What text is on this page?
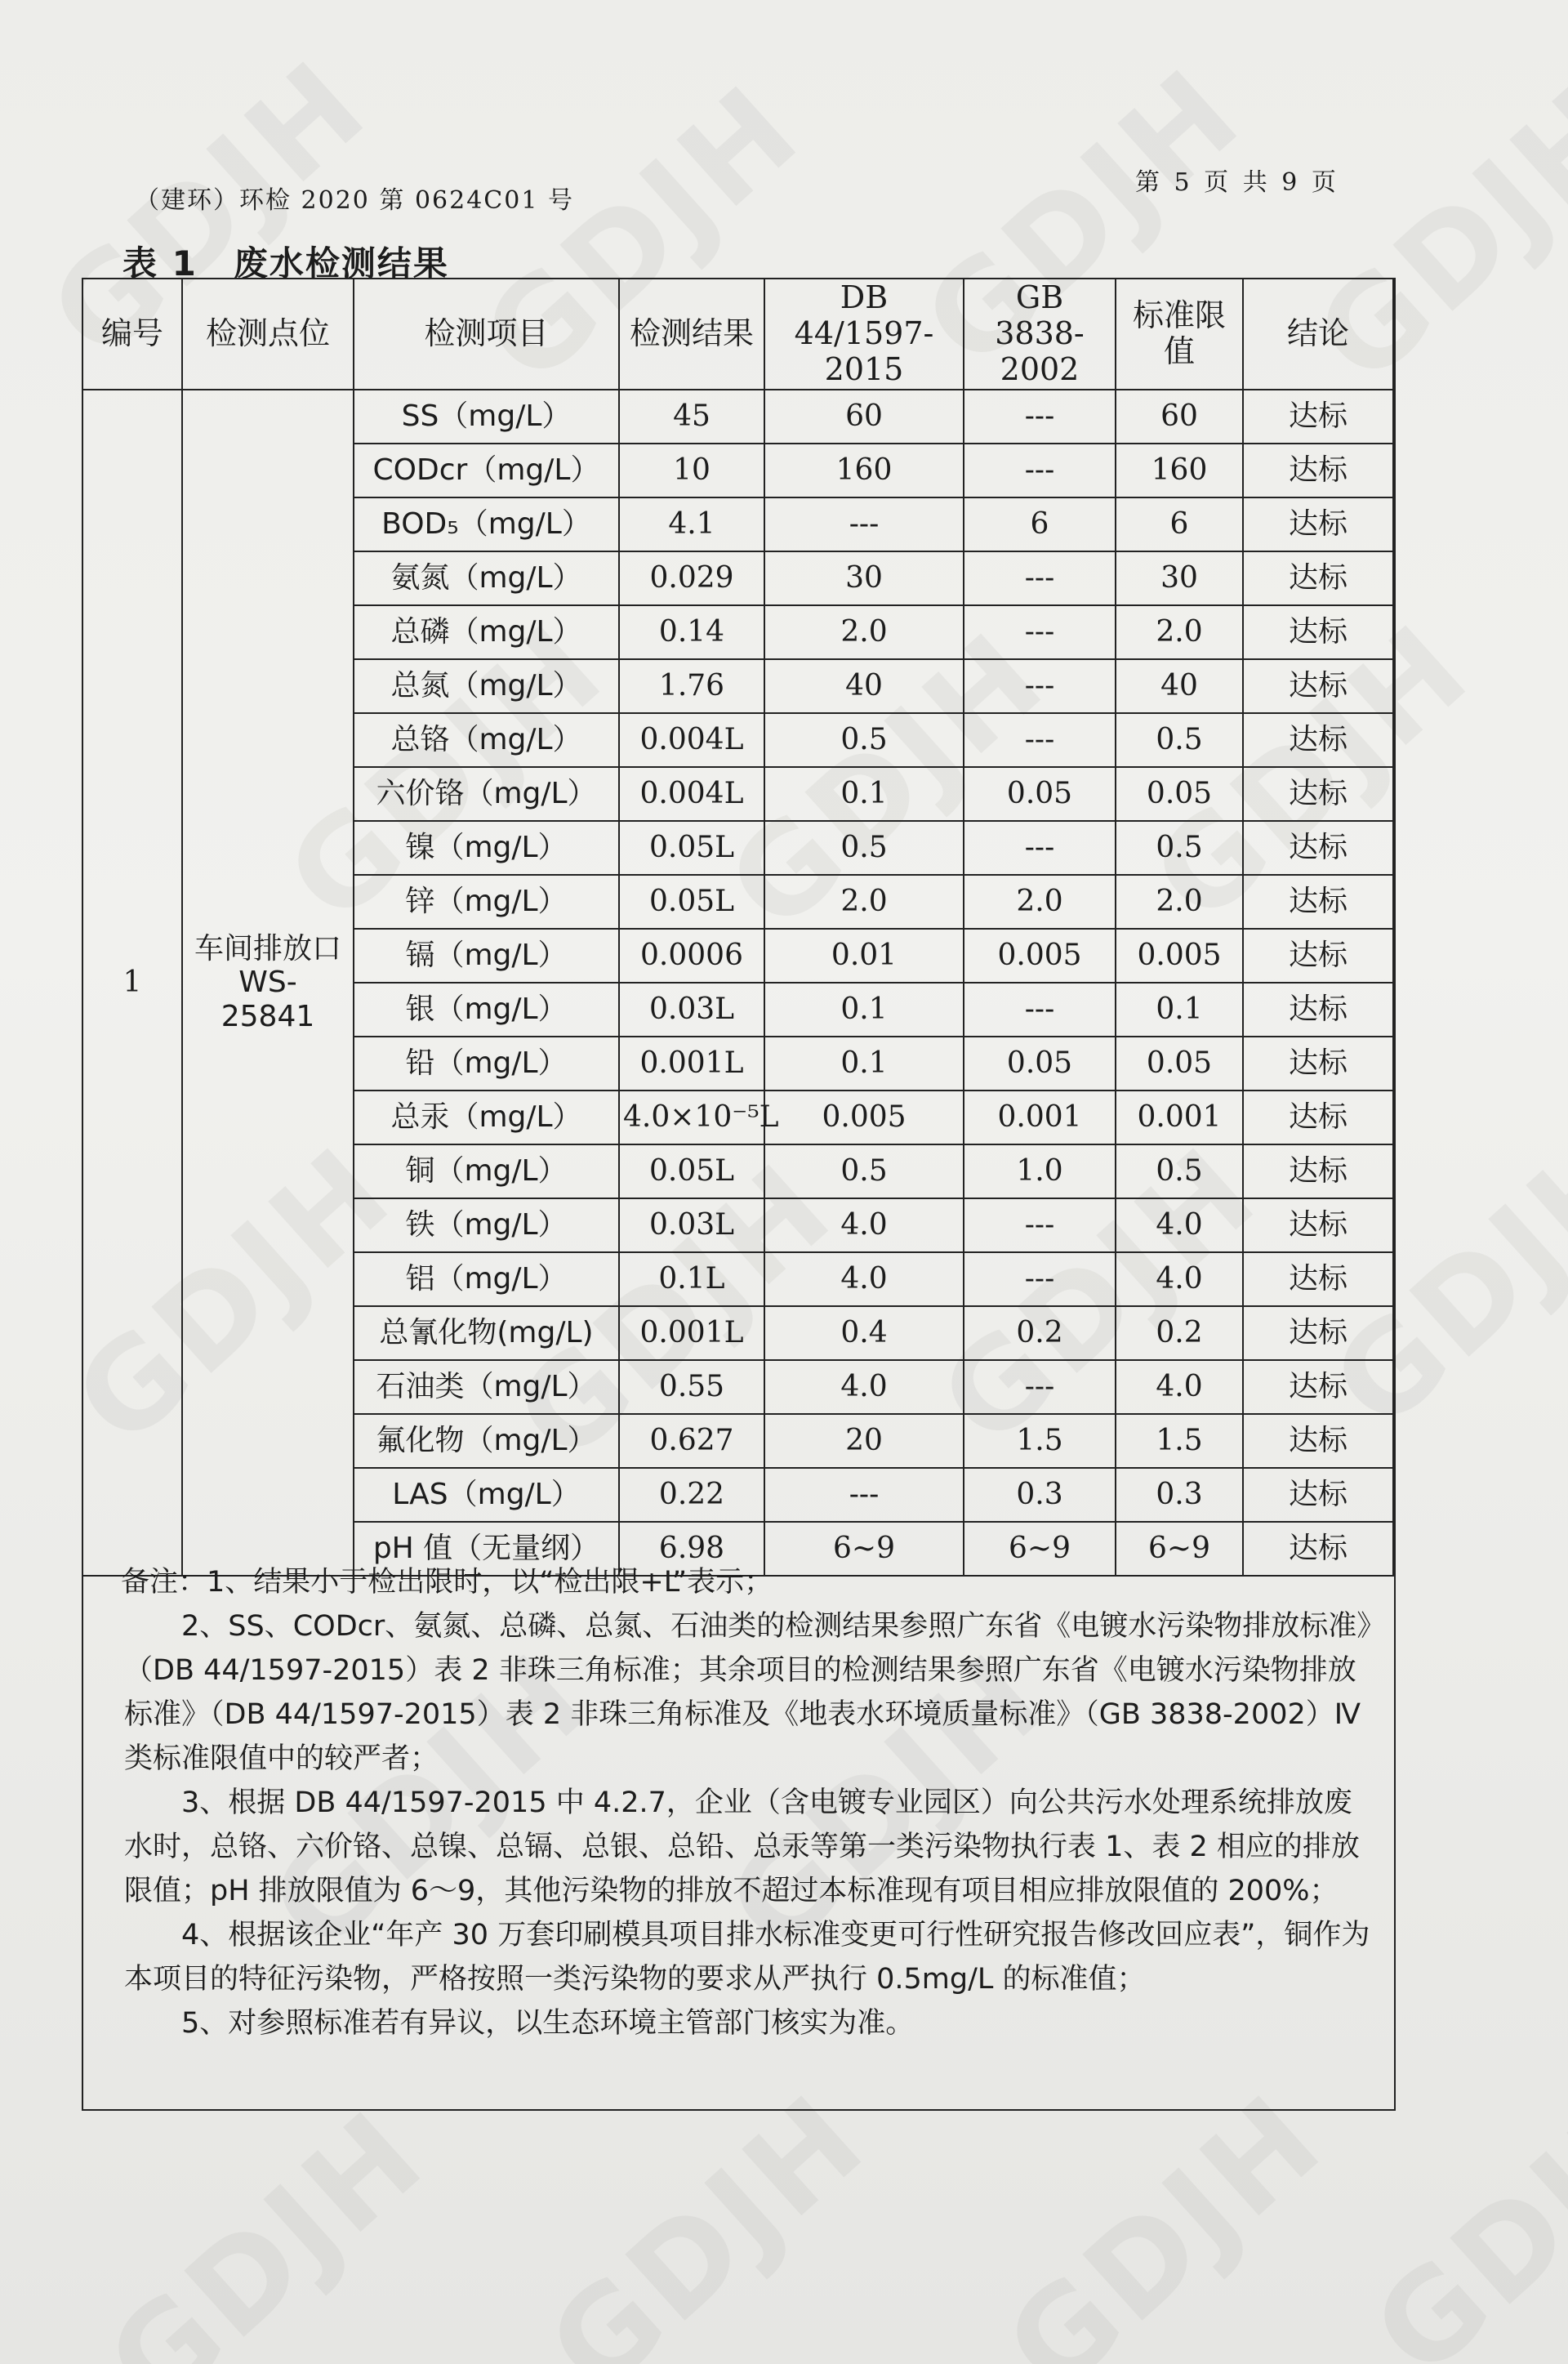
（建环）环检 2020 第 0624C01 号
第 5 页 共 9 页
表 1　废水检测结果
编号	检测点位	检测项目	检测结果	DB 44/1597-2015	GB 3838-2002	标准限值	结论
1	车间排放口 WS-25841	SS（mg/L）	45	60	---	60	达标
		CODcr（mg/L）	10	160	---	160	达标
		BOD₅（mg/L）	4.1	---	6	6	达标
		氨氮（mg/L）	0.029	30	---	30	达标
		总磷（mg/L）	0.14	2.0	---	2.0	达标
		总氮（mg/L）	1.76	40	---	40	达标
		总铬（mg/L）	0.004L	0.5	---	0.5	达标
		六价铬（mg/L）	0.004L	0.1	0.05	0.05	达标
		镍（mg/L）	0.05L	0.5	---	0.5	达标
		锌（mg/L）	0.05L	2.0	2.0	2.0	达标
		镉（mg/L）	0.0006	0.01	0.005	0.005	达标
		银（mg/L）	0.03L	0.1	---	0.1	达标
		铅（mg/L）	0.001L	0.1	0.05	0.05	达标
		总汞（mg/L）	4.0×10⁻⁵L	0.005	0.001	0.001	达标
		铜（mg/L）	0.05L	0.5	1.0	0.5	达标
		铁（mg/L）	0.03L	4.0	---	4.0	达标
		铝（mg/L）	0.1L	4.0	---	4.0	达标
		总氰化物(mg/L)	0.001L	0.4	0.2	0.2	达标
		石油类（mg/L）	0.55	4.0	---	4.0	达标
		氟化物（mg/L）	0.627	20	1.5	1.5	达标
		LAS（mg/L）	0.22	---	0.3	0.3	达标
		pH 值（无量纲）	6.98	6~9	6~9	6~9	达标

备注：1、结果小于检出限时，以“检出限+L”表示；

2、SS、CODcr、氨氮、总磷、总氮、石油类的检测结果参照广东省《电镀水污染物排放标准》（DB 44/1597-2015）表 2 非珠三角标准；其余项目的检测结果参照广东省《电镀水污染物排放标准》（DB 44/1597-2015）表 2 非珠三角标准及《地表水环境质量标准》（GB 3838-2002）Ⅳ类标准限值中的较严者；

3、根据 DB 44/1597-2015 中 4.2.7，企业（含电镀专业园区）向公共污水处理系统排放废水时，总铬、六价铬、总镍、总镉、总银、总铅、总汞等第一类污染物执行表 1、表 2 相应的排放限值；pH 排放限值为 6～9，其他污染物的排放不超过本标准现有项目相应排放限值的 200%；

4、根据该企业“年产 30 万套印刷模具项目排水标准变更可行性研究报告修改回应表”，铜作为本项目的特征污染物，严格按照一类污染物的要求从严执行 0.5mg/L 的标准值；

5、对参照标准若有异议，以生态环境主管部门核实为准。
